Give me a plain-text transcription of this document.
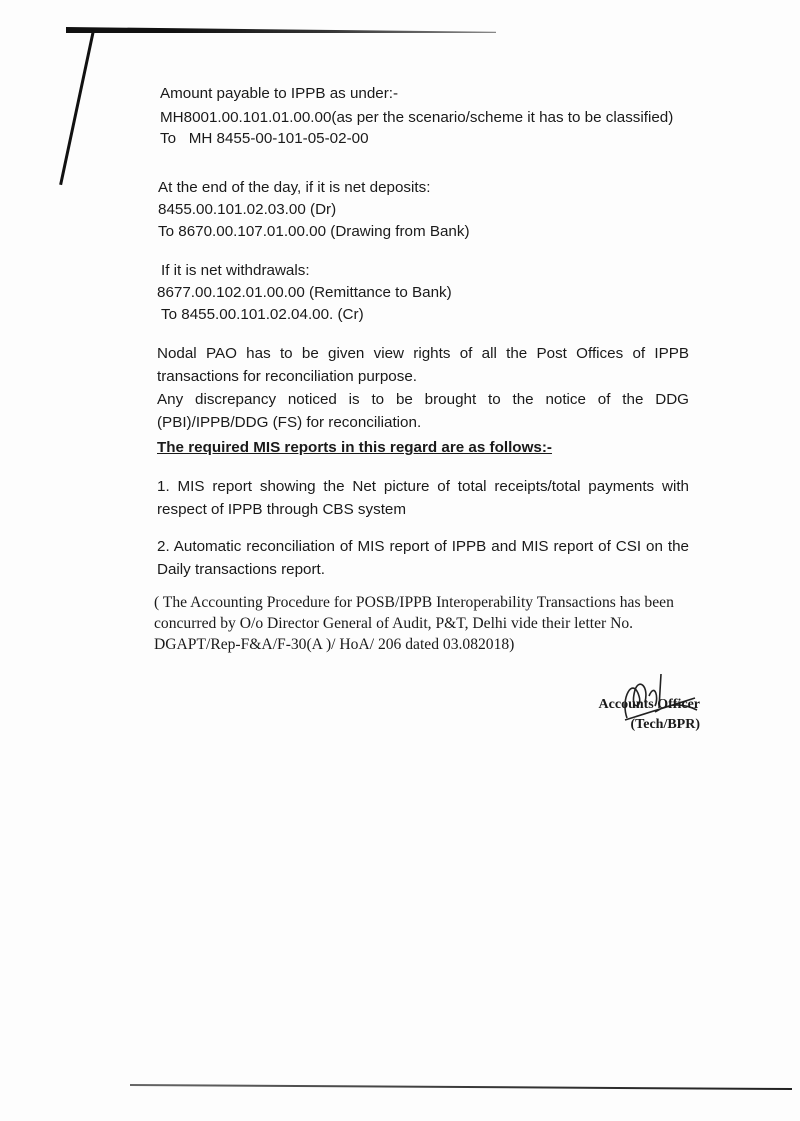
Amount payable to IPPB as under:-
MH8001.00.101.01.00.00(as per the scenario/scheme it has to be classified)
To   MH 8455-00-101-05-02-00
At the end of the day, if it is net deposits:
8455.00.101.02.03.00 (Dr)
To 8670.00.107.01.00.00 (Drawing from Bank)
If it is net withdrawals:
8677.00.102.01.00.00 (Remittance to Bank)
To 8455.00.101.02.04.00. (Cr)

Nodal PAO has to be given view rights of all the Post Offices of IPPB transactions for reconciliation purpose.

Any discrepancy noticed is to be brought to the notice of the DDG (PBI)/IPPB/DDG (FS) for reconciliation.

The required MIS reports in this regard are as follows:-

1. MIS report showing the Net picture of total receipts/total payments with respect of IPPB through CBS system

2. Automatic reconciliation of MIS report of IPPB and MIS report of CSI on the Daily transactions report.

( The Accounting Procedure for POSB/IPPB Interoperability Transactions has been concurred by O/o Director General of Audit, P&T, Delhi vide their letter No. DGAPT/Rep-F&A/F-30(A )/ HoA/ 206 dated 03.082018)

Accounts Officer
(Tech/BPR)
